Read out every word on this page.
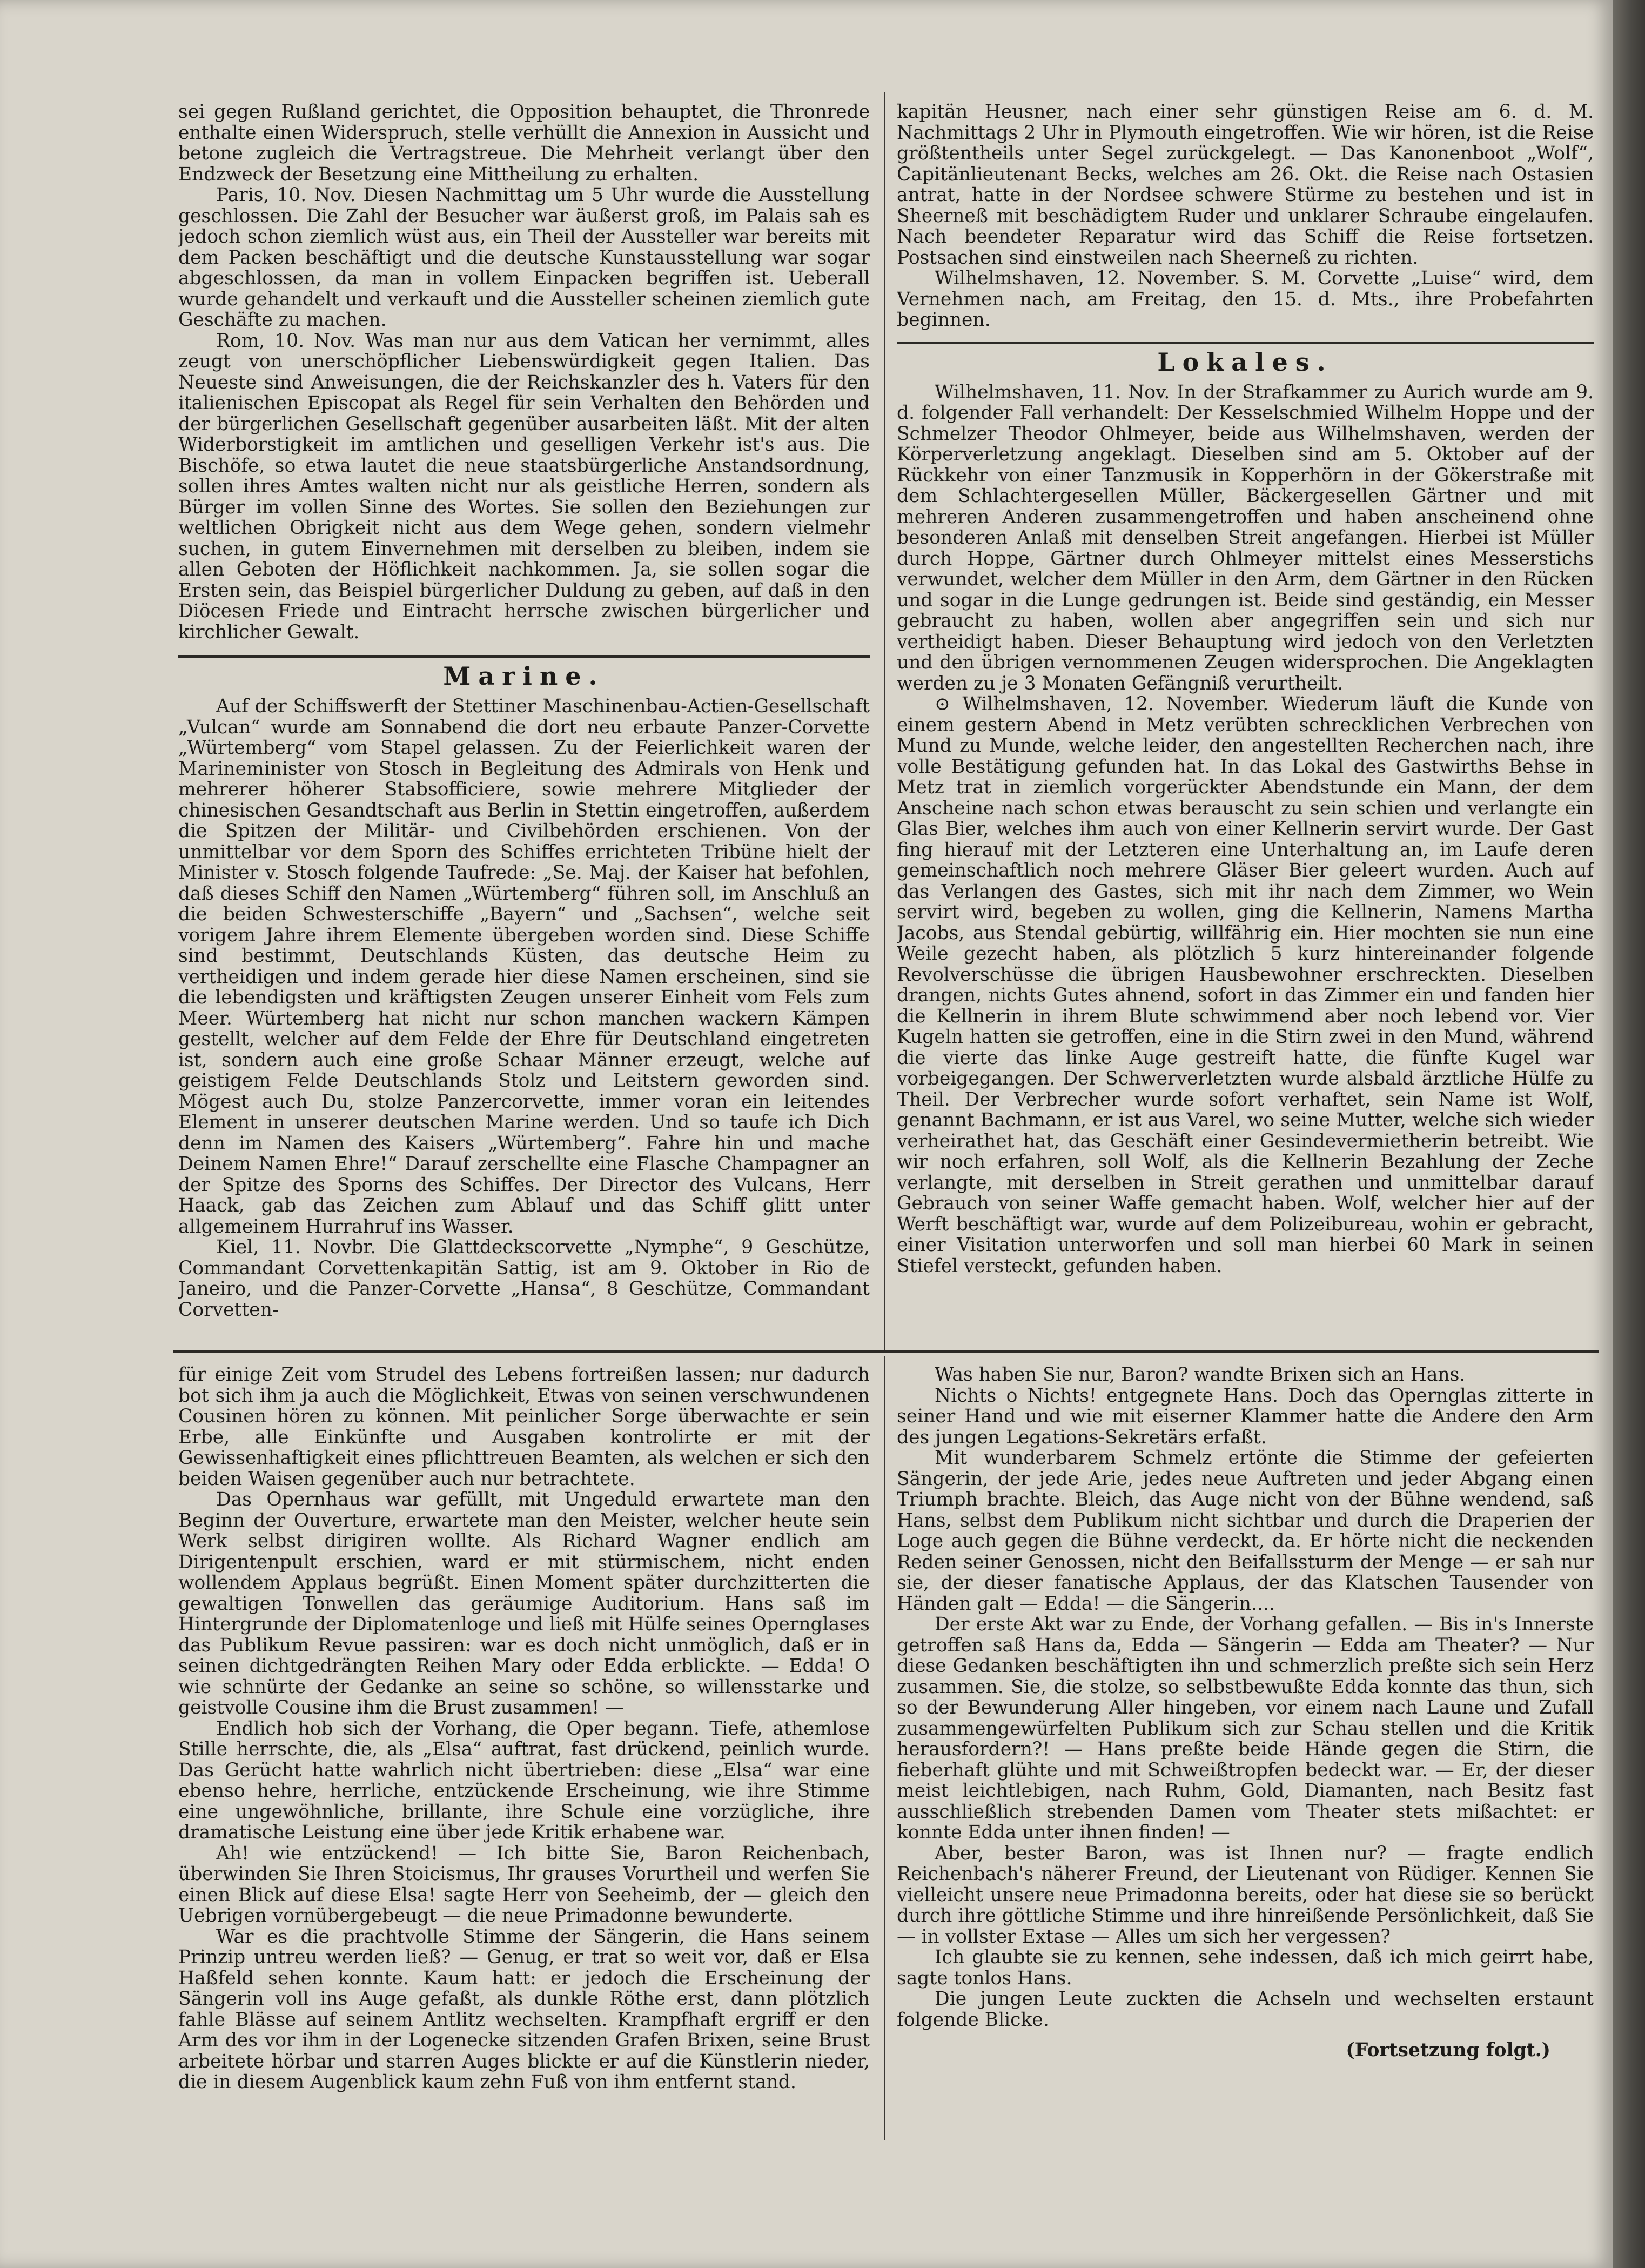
sei gegen Rußland gerichtet, die Opposition behauptet, die Thronrede enthalte einen Widerspruch, stelle verhüllt die Annexion in Aussicht und betone zugleich die Vertragstreue. Die Mehrheit verlangt über den Endzweck der Besetzung eine Mittheilung zu erhalten.

Paris, 10. Nov. Diesen Nachmittag um 5 Uhr wurde die Ausstellung geschlossen. Die Zahl der Besucher war äußerst groß, im Palais sah es jedoch schon ziemlich wüst aus, ein Theil der Aussteller war bereits mit dem Packen beschäftigt und die deutsche Kunstausstellung war sogar abgeschlossen, da man in vollem Einpacken begriffen ist. Ueberall wurde gehandelt und verkauft und die Aussteller scheinen ziemlich gute Geschäfte zu machen.

Rom, 10. Nov. Was man nur aus dem Vatican her vernimmt, alles zeugt von unerschöpflicher Liebenswürdigkeit gegen Italien. Das Neueste sind Anweisungen, die der Reichskanzler des h. Vaters für den italienischen Episcopat als Regel für sein Verhalten den Behörden und der bürgerlichen Gesellschaft gegenüber ausarbeiten läßt. Mit der alten Widerborstigkeit im amtlichen und geselligen Verkehr ist's aus. Die Bischöfe, so etwa lautet die neue staatsbürgerliche Anstandsordnung, sollen ihres Amtes walten nicht nur als geistliche Herren, sondern als Bürger im vollen Sinne des Wortes. Sie sollen den Beziehungen zur weltlichen Obrigkeit nicht aus dem Wege gehen, sondern vielmehr suchen, in gutem Einvernehmen mit derselben zu bleiben, indem sie allen Geboten der Höflichkeit nachkommen. Ja, sie sollen sogar die Ersten sein, das Beispiel bürgerlicher Duldung zu geben, auf daß in den Diöcesen Friede und Eintracht herrsche zwischen bürgerlicher und kirchlicher Gewalt.

Marine.

Auf der Schiffswerft der Stettiner Maschinenbau-Actien-Gesellschaft „Vulcan“ wurde am Sonnabend die dort neu erbaute Panzer-Corvette „Würtemberg“ vom Stapel gelassen. Zu der Feierlichkeit waren der Marineminister von Stosch in Begleitung des Admirals von Henk und mehrerer höherer Stabsofficiere, sowie mehrere Mitglieder der chinesischen Gesandtschaft aus Berlin in Stettin eingetroffen, außerdem die Spitzen der Militär- und Civilbehörden erschienen. Von der unmittelbar vor dem Sporn des Schiffes errichteten Tribüne hielt der Minister v. Stosch folgende Taufrede: „Se. Maj. der Kaiser hat befohlen, daß dieses Schiff den Namen „Würtemberg“ führen soll, im Anschluß an die beiden Schwesterschiffe „Bayern“ und „Sachsen“, welche seit vorigem Jahre ihrem Elemente übergeben worden sind. Diese Schiffe sind bestimmt, Deutschlands Küsten, das deutsche Heim zu vertheidigen und indem gerade hier diese Namen erscheinen, sind sie die lebendigsten und kräftigsten Zeugen unserer Einheit vom Fels zum Meer. Würtemberg hat nicht nur schon manchen wackern Kämpen gestellt, welcher auf dem Felde der Ehre für Deutschland eingetreten ist, sondern auch eine große Schaar Männer erzeugt, welche auf geistigem Felde Deutschlands Stolz und Leitstern geworden sind. Mögest auch Du, stolze Panzercorvette, immer voran ein leitendes Element in unserer deutschen Marine werden. Und so taufe ich Dich denn im Namen des Kaisers „Würtemberg“. Fahre hin und mache Deinem Namen Ehre!“ Darauf zerschellte eine Flasche Champagner an der Spitze des Sporns des Schiffes. Der Director des Vulcans, Herr Haack, gab das Zeichen zum Ablauf und das Schiff glitt unter allgemeinem Hurrahruf ins Wasser.

Kiel, 11. Novbr. Die Glattdeckscorvette „Nymphe“, 9 Geschütze, Commandant Corvettenkapitän Sattig, ist am 9. Oktober in Rio de Janeiro, und die Panzer-Corvette „Hansa“, 8 Geschütze, Commandant Corvetten-

kapitän Heusner, nach einer sehr günstigen Reise am 6. d. M. Nachmittags 2 Uhr in Plymouth eingetroffen. Wie wir hören, ist die Reise größtentheils unter Segel zurückgelegt. — Das Kanonenboot „Wolf“, Capitänlieutenant Becks, welches am 26. Okt. die Reise nach Ostasien antrat, hatte in der Nordsee schwere Stürme zu bestehen und ist in Sheerneß mit beschädigtem Ruder und unklarer Schraube eingelaufen. Nach beendeter Reparatur wird das Schiff die Reise fortsetzen. Postsachen sind einstweilen nach Sheerneß zu richten.

Wilhelmshaven, 12. November. S. M. Corvette „Luise“ wird, dem Vernehmen nach, am Freitag, den 15. d. Mts., ihre Probefahrten beginnen.

Lokales.

Wilhelmshaven, 11. Nov. In der Strafkammer zu Aurich wurde am 9. d. folgender Fall verhandelt: Der Kesselschmied Wilhelm Hoppe und der Schmelzer Theodor Ohlmeyer, beide aus Wilhelmshaven, werden der Körperverletzung angeklagt. Dieselben sind am 5. Oktober auf der Rückkehr von einer Tanzmusik in Kopperhörn in der Gökerstraße mit dem Schlachtergesellen Müller, Bäckergesellen Gärtner und mit mehreren Anderen zusammengetroffen und haben anscheinend ohne besonderen Anlaß mit denselben Streit angefangen. Hierbei ist Müller durch Hoppe, Gärtner durch Ohlmeyer mittelst eines Messerstichs verwundet, welcher dem Müller in den Arm, dem Gärtner in den Rücken und sogar in die Lunge gedrungen ist. Beide sind geständig, ein Messer gebraucht zu haben, wollen aber angegriffen sein und sich nur vertheidigt haben. Dieser Behauptung wird jedoch von den Verletzten und den übrigen vernommenen Zeugen widersprochen. Die Angeklagten werden zu je 3 Monaten Gefängniß verurtheilt.

⊙ Wilhelmshaven, 12. November. Wiederum läuft die Kunde von einem gestern Abend in Metz verübten schrecklichen Verbrechen von Mund zu Munde, welche leider, den angestellten Recherchen nach, ihre volle Bestätigung gefunden hat. In das Lokal des Gastwirths Behse in Metz trat in ziemlich vorgerückter Abendstunde ein Mann, der dem Anscheine nach schon etwas berauscht zu sein schien und verlangte ein Glas Bier, welches ihm auch von einer Kellnerin servirt wurde. Der Gast fing hierauf mit der Letzteren eine Unterhaltung an, im Laufe deren gemeinschaftlich noch mehrere Gläser Bier geleert wurden. Auch auf das Verlangen des Gastes, sich mit ihr nach dem Zimmer, wo Wein servirt wird, begeben zu wollen, ging die Kellnerin, Namens Martha Jacobs, aus Stendal gebürtig, willfährig ein. Hier mochten sie nun eine Weile gezecht haben, als plötzlich 5 kurz hintereinander folgende Revolverschüsse die übrigen Hausbewohner erschreckten. Dieselben drangen, nichts Gutes ahnend, sofort in das Zimmer ein und fanden hier die Kellnerin in ihrem Blute schwimmend aber noch lebend vor. Vier Kugeln hatten sie getroffen, eine in die Stirn zwei in den Mund, während die vierte das linke Auge gestreift hatte, die fünfte Kugel war vorbeigegangen. Der Schwerverletzten wurde alsbald ärztliche Hülfe zu Theil. Der Verbrecher wurde sofort verhaftet, sein Name ist Wolf, genannt Bachmann, er ist aus Varel, wo seine Mutter, welche sich wieder verheirathet hat, das Geschäft einer Gesindevermietherin betreibt. Wie wir noch erfahren, soll Wolf, als die Kellnerin Bezahlung der Zeche verlangte, mit derselben in Streit gerathen und unmittelbar darauf Gebrauch von seiner Waffe gemacht haben. Wolf, welcher hier auf der Werft beschäftigt war, wurde auf dem Polizeibureau, wohin er gebracht, einer Visitation unterworfen und soll man hierbei 60 Mark in seinen Stiefel versteckt, gefunden haben.

für einige Zeit vom Strudel des Lebens fortreißen lassen; nur dadurch bot sich ihm ja auch die Möglichkeit, Etwas von seinen verschwundenen Cousinen hören zu können. Mit peinlicher Sorge überwachte er sein Erbe, alle Einkünfte und Ausgaben kontrolirte er mit der Gewissenhaftigkeit eines pflichttreuen Beamten, als welchen er sich den beiden Waisen gegenüber auch nur betrachtete.

Das Opernhaus war gefüllt, mit Ungeduld erwartete man den Beginn der Ouverture, erwartete man den Meister, welcher heute sein Werk selbst dirigiren wollte. Als Richard Wagner endlich am Dirigentenpult erschien, ward er mit stürmischem, nicht enden wollendem Applaus begrüßt. Einen Moment später durchzitterten die gewaltigen Tonwellen das geräumige Auditorium. Hans saß im Hintergrunde der Diplomatenloge und ließ mit Hülfe seines Opernglases das Publikum Revue passiren: war es doch nicht unmöglich, daß er in seinen dichtgedrängten Reihen Mary oder Edda erblickte. — Edda! O wie schnürte der Gedanke an seine so schöne, so willensstarke und geistvolle Cousine ihm die Brust zusammen! —

Endlich hob sich der Vorhang, die Oper begann. Tiefe, athemlose Stille herrschte, die, als „Elsa“ auftrat, fast drückend, peinlich wurde. Das Gerücht hatte wahrlich nicht übertrieben: diese „Elsa“ war eine ebenso hehre, herrliche, entzückende Erscheinung, wie ihre Stimme eine ungewöhnliche, brillante, ihre Schule eine vorzügliche, ihre dramatische Leistung eine über jede Kritik erhabene war.

Ah! wie entzückend! — Ich bitte Sie, Baron Reichenbach, überwinden Sie Ihren Stoicismus, Ihr grauses Vorurtheil und werfen Sie einen Blick auf diese Elsa! sagte Herr von Seeheimb, der — gleich den Uebrigen vornübergebeugt — die neue Primadonne bewunderte.

War es die prachtvolle Stimme der Sängerin, die Hans seinem Prinzip untreu werden ließ? — Genug, er trat so weit vor, daß er Elsa Haßfeld sehen konnte. Kaum hatt: er jedoch die Erscheinung der Sängerin voll ins Auge gefaßt, als dunkle Röthe erst, dann plötzlich fahle Blässe auf seinem Antlitz wechselten. Krampfhaft ergriff er den Arm des vor ihm in der Logenecke sitzenden Grafen Brixen, seine Brust arbeitete hörbar und starren Auges blickte er auf die Künstlerin nieder, die in diesem Augenblick kaum zehn Fuß von ihm entfernt stand.

Was haben Sie nur, Baron? wandte Brixen sich an Hans.

Nichts o Nichts! entgegnete Hans. Doch das Opernglas zitterte in seiner Hand und wie mit eiserner Klammer hatte die Andere den Arm des jungen Legations-Sekretärs erfaßt.

Mit wunderbarem Schmelz ertönte die Stimme der gefeierten Sängerin, der jede Arie, jedes neue Auftreten und jeder Abgang einen Triumph brachte. Bleich, das Auge nicht von der Bühne wendend, saß Hans, selbst dem Publikum nicht sichtbar und durch die Draperien der Loge auch gegen die Bühne verdeckt, da. Er hörte nicht die neckenden Reden seiner Genossen, nicht den Beifallssturm der Menge — er sah nur sie, der dieser fanatische Applaus, der das Klatschen Tausender von Händen galt — Edda! — die Sängerin....

Der erste Akt war zu Ende, der Vorhang gefallen. — Bis in's Innerste getroffen saß Hans da, Edda — Sängerin — Edda am Theater? — Nur diese Gedanken beschäftigten ihn und schmerzlich preßte sich sein Herz zusammen. Sie, die stolze, so selbstbewußte Edda konnte das thun, sich so der Bewunderung Aller hingeben, vor einem nach Laune und Zufall zusammengewürfelten Publikum sich zur Schau stellen und die Kritik herausfordern?! — Hans preßte beide Hände gegen die Stirn, die fieberhaft glühte und mit Schweißtropfen bedeckt war. — Er, der dieser meist leichtlebigen, nach Ruhm, Gold, Diamanten, nach Besitz fast ausschließlich strebenden Damen vom Theater stets mißachtet: er konnte Edda unter ihnen finden! —

Aber, bester Baron, was ist Ihnen nur? — fragte endlich Reichenbach's näherer Freund, der Lieutenant von Rüdiger. Kennen Sie vielleicht unsere neue Primadonna bereits, oder hat diese sie so berückt durch ihre göttliche Stimme und ihre hinreißende Persönlichkeit, daß Sie — in vollster Extase — Alles um sich her vergessen?

Ich glaubte sie zu kennen, sehe indessen, daß ich mich geirrt habe, sagte tonlos Hans.

Die jungen Leute zuckten die Achseln und wechselten erstaunt folgende Blicke.

(Fortsetzung folgt.)
